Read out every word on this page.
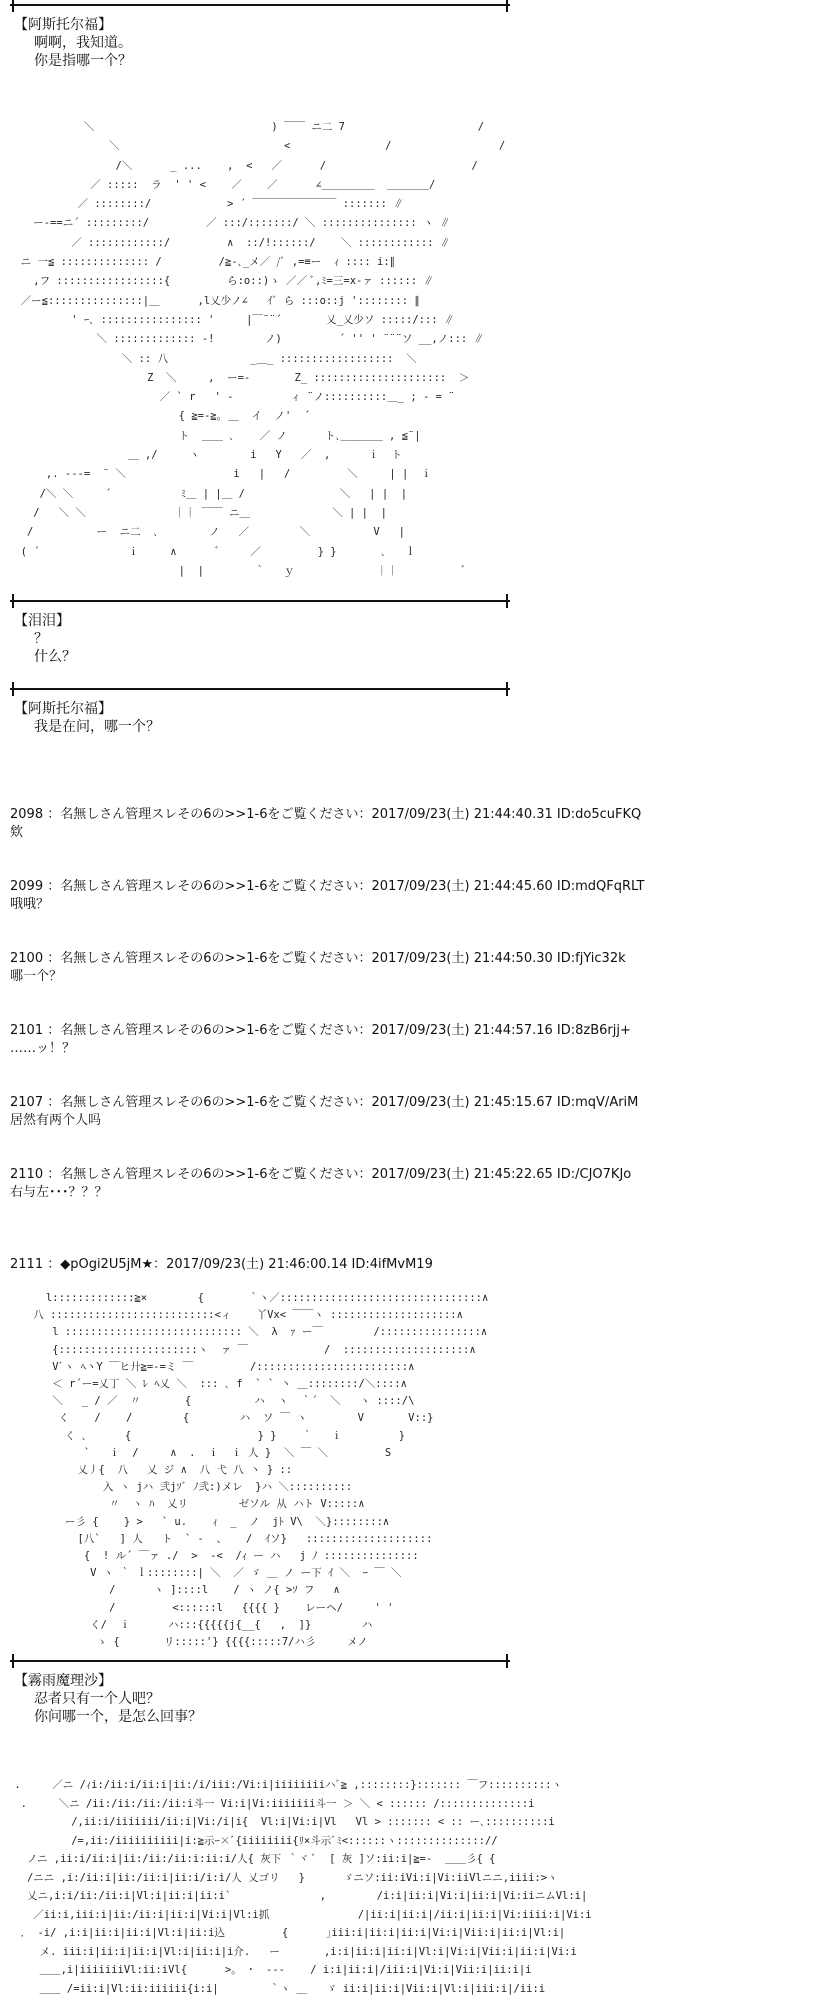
【阿斯托尔福】
啊啊，我知道。
你是指哪一个？
＼                            ) ￣￣ ニ二 7                     /
＼                          <               /                 /
/＼      _ ...    ,  <   ／      /                       /
／ :::::  ラ  ' ' <    ／    ／      ∠＿＿＿＿＿  ＿＿＿＿/
／ ::::::::/            > ´ ￣￣￣￣￣￣￣￣ ::::::: ∥
ー-==ニ´ :::::::::/         ／ :::/:::::::/ ＼ ::::::::::::::: ヽ ∥
／ ::::::::::::/         ∧  ::/!::::::/    ＼ :::::::::::: ∥
ニ 一≦ :::::::::::::: /         /≧‐､_メ／ /ﾞ ,=≡ー  ｨ :::: i:∥
,フ :::::::::::::::::{         ら:o::)ゝ ／／ ﾞ,ﾐ=三=x-ァ :::::: ∥
／ー≦:::::::::::::::|＿      ,l乂少ノ∠   ｲﾞ ら :::o::j ':::::::: ∥
' ｰ､ :::::::::::::::: '     |￣¨¨´       乂_乂少ソ :::::/::: ∥
＼ ::::::::::::: -!        ノ)         ´ '' ' ¨¨¨ソ __,ノ::: ∥
＼ :: 八             _＿_ ::::::::::::::::::  ＼
Z  ＼     ,  ー=-       Z_ :::::::::::::::::::::  ＞
／ ` r   ' -         ィ ¨ノ::::::::::＿_ ; - = ¨
{ ≧=-≧｡ ＿  イ  ノ'  ´
ト  ＿＿ ､    ／ ノ      ト､＿＿＿＿ , ≦¨|
＿ ,/     ヽ        i   Y   ／  ,      ｉ  ト
,. ---=  ¨ ＼                 i   |   /         ＼     | |  ｉ
/＼ ＼     ´           ﾐ＿ | |＿ /               ＼   | |  |
/   ＼ ＼              ｜｜ ￣￣ ニ＿             ＼ | |  |
/          ー  ニ二  ､        ノ   ／        ＼          V   |
( ´              ｉ     ∧      ゛    ／         } }       ､   ｌ
|  |        ｀   ｙ             ｜｜          ゛
【泪泪】
？
什么？
【阿斯托尔福】
我是在问，哪一个？
2098 ：名無しさん管理スレその6の>>1-6をご覧ください：2017/09/23(土) 21:44:40.31 ID:do5cuFKQ
欸
2099 ：名無しさん管理スレその6の>>1-6をご覧ください：2017/09/23(土) 21:44:45.60 ID:mdQFqRLT
哦哦？
2100 ：名無しさん管理スレその6の>>1-6をご覧ください：2017/09/23(土) 21:44:50.30 ID:fjYic32k
哪一个？
2101 ：名無しさん管理スレその6の>>1-6をご覧ください：2017/09/23(土) 21:44:57.16 ID:8zB6rjj+
……ッ！？
2107 ：名無しさん管理スレその6の>>1-6をご覧ください：2017/09/23(土) 21:45:15.67 ID:mqV/AriM
居然有两个人吗
2110 ：名無しさん管理スレその6の>>1-6をご覧ください：2017/09/23(土) 21:45:22.65 ID:/CJO7KJo
右与左･･･？？？
2111 ：◆pOgi2U5jM★：2017/09/23(土) 21:46:00.14 ID:4ifMvM19
l:::::::::::::≧×        {       ｀ヽ／::::::::::::::::::::::::::::::::∧
八 ::::::::::::::::::::::::::<ィ    丫Vx< ￣￣ヽ ::::::::::::::::::::∧
l :::::::::::::::::::::::::::: ＼  λ  ｧ ー￣        /::::::::::::::::∧
{::::::::::::::::::::::ヽ  ァ ￣            /  ::::::::::::::::::::∧
Vﾞヽ ﾍ丶Y ￣ヒ廾≧=-=ミ ￣         /::::::::::::::::::::::::∧
＜ r´ー=乂丁 ＼ ﾚ ﾍ乂 ＼  ::: ､ f  ` ` 丶 ＿::::::::/＼::::∧
＼   _ / ／  〃       {          ハ  ヽ  ｀´  ＼   ヽ ::::/\
く    /    /        {        ハ  ソ ￣ ヽ        V       V::}
く ､      {                    } }    ｀   ｉ         }
`   ｉ  /     ∧  .  ｉ  ｉ 人 }  ＼ ￣ ＼         S
乂丿{  八   乂 ジ ∧  八 弋 八 丶 } ::
入 ヽ jハ 弐jｿﾞ ﾉ弐:)メレ  }ハ ＼::::::::::
〃  ヽ ﾊ  乂リ        ゼソル 从 ハト V:::::∧
ー彡 {    } >   ` u.    ｨ  _  ノ  jﾄ V\  ＼}::::::::∧
[八`   ] 人   ト  ` -  、   /  ｲソ}   ::::::::::::::::::::
{  ! ル´ ￣ァ ./  >  -<  /ｨ ー ハ   j ﾉ :::::::::::::::
V ヽ ｀ ｌ::::::::| ＼  ／ ゞ ＿ ノ ー下 ｲ ＼  ｰ ￣ ＼
/      ヽ ]::::l    / ヽ ノ{ >ｿ フ   ∧
/         <::::::l   {{{{ }    レーヘ/     ' '
く/  ｉ      ハ:::{{{{{j{__{   ,  ]}        ハ
ゝ {       リ:::::'} {{{{:::::7/ハ彡     メノ
【霧雨魔理沙】
忍者只有一个人吧？
你问哪一个，是怎么回事？
.     ／ニ /ｨi:/ii:i/ii:i|ii:/i/iii:/Vi:i|iiiiiiiiハﾞ≧ ,::::::::}::::::: ￣フ::::::::::ヽ
.     ＼ニ /ii:/ii:/ii:/ii:i斗一 Vi:i|Vi:iiiiiii斗一 ＞ ＼ < :::::: /::::::::::::::i
/,ii:i/iiiiiii/ii:i|Vi:/i|i{  Vl:i|Vi:i|Vl   Vl > ::::::: < :: ー､::::::::::i
/=,ii:/iiiiiiiiii|i:≧示ｰ×ﾞ{iiiiiiii{ﾘ×斗示ﾞﾐ<::::::ヽ:::::::::::::://
ノニ ,ii:i/ii:i|ii:/ii:/ii:i:ii:i/人{ 灰下 ｀ヾ ﾞ  [ 灰 ]ソ:ii:i|≧=-  ＿＿彡{ {
/ニニ ,i:/ii:i|ii:/ii:i|ii:i/i:i/人 乂ゴリ   }      ゞニソ:ii:iVi:i|Vi:iiVlニニ,iiii:>ヽ
乂ニ,i:i/ii:/ii:i|Vl:i|ii:i|ii:i`              ,        /i:i|ii:i|Vi:i|ii:i|Vi:iiニムVl:i|
／ii:i,iii:i|ii:/ii:i|ii:i|Vi:i|Vl:i抓              /|ii:i|ii:i|/ii:i|ii:i|Vi:iiii:i|Vi:i
． -i/ ,i:i|ii:i|ii:i|Vl:i|ii:i込         {      ｣iii:i|ii:i|ii:i|Vi:i|Vii:i|ii:i|Vl:i|
メ. iii:i|ii:i|ii:i|Vl:i|ii:i|i介.   ー       ,i:i|ii:i|ii:i|Vl:i|Vi:i|Vii:i|ii:i|Vi:i
＿＿,i|iiiiiiiVl:ii:iVl{      >。 ･  ---    / i:i|ii:i|/iii:i|Vi:i|Vii:i|ii:i|i
＿＿ /=ii:i|Vl:ii:iiiiii{i:i|        ｀ヽ ＿   ゞ ii:i|ii:i|Vii:i|Vl:i|iii:i|/ii:i
